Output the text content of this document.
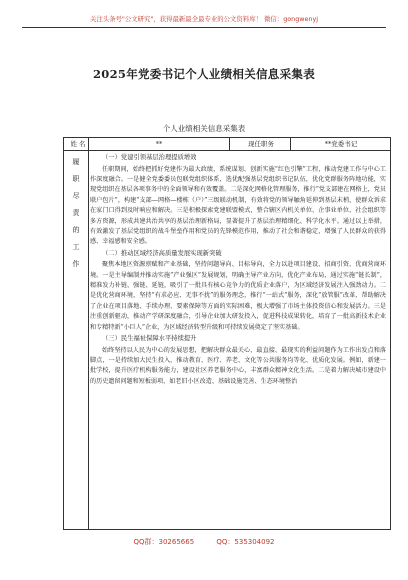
关注头条号"公文研究"，获得最新最全最专业的公文资料库！ 微信：gongwenyj
2025年党委书记个人业绩相关信息采集表
个人业绩相关信息采集表
姓 名	**	现任职务	**党委书记
履
职
尽
责
的
工
作
（一）党建引领基层治理提质增效

任职期间，始终把抓好党建作为最大政绩，系统谋划、创新实施“红色引擎”工程，推动党建工作与中心工作深度融合。一是健全党委委员包联党组织体系，选优配强基层党组织书记队伍，优化党群服务阵地功能，实现党组织在基层各项事务中的全面领导和有效覆盖。二是深化网格化管理服务，推行“党支部建在网格上，党员联户包片”，构建“支部—网格—楼栋（户）”三级联动机制，有效将党的领导触角延伸到基层末梢，使群众诉求在家门口得到及时响应和解决。三是积极探索党建联盟模式，整合辖区内机关单位、企事业单位、社会组织等多方资源，形成共建共治共享的基层治理新格局，显著提升了基层治理精细化、科学化水平。通过以上举措，有效激发了基层党组织的战斗堡垒作用和党员的先锋模范作用，推动了社会和谐稳定，增强了人民群众的获得感、幸福感和安全感。

（二）推动区域经济高质量发展实现新突破

聚焦本地区资源禀赋和产业基础，坚持问题导向、目标导向，全力以赴项目建设、招商引资、优商营商环境。一是主导编制并推动实施“产业强区”发展规划，明确主导产业方向，优化产业布局，通过实施“链长制”，精准发力补链、强链、延链，吸引了一批具有核心竞争力的优质企业落户，为区域经济发展注入强劲动力。二是优化营商环境，坚持“有求必应、无事不扰”的服务理念，推行“一站式”服务，深化“放管服”改革，帮助解决了企业在项目落地、手续办理、要素保障等方面的实际困难，极大增强了市场主体投资信心和发展活力。三是注重创新驱动，推动产学研深度融合，引导企业加大研发投入，促进科技成果转化，培育了一批高新技术企业和专精特新“小巨人”企业，为区域经济转型升级和可持续发展奠定了坚实基础。

（三）民生福祉保障水平持续提升

始终坚持以人民为中心的发展思想，把解决群众最关心、最直接、最现实的利益问题作为工作出发点和落脚点，一是持续加大民生投入，推动教育、医疗、养老、文化等公共服务均等化、优质化发展。例如，新建一批学校，提升医疗机构服务能力，建设社区养老服务中心，丰富群众精神文化生活。二是着力解决城市建设中的历史遗留问题和短板弱项，如老旧小区改造、基础设施完善、生态环境整治

QQ群：30265665	QQ：535304092
